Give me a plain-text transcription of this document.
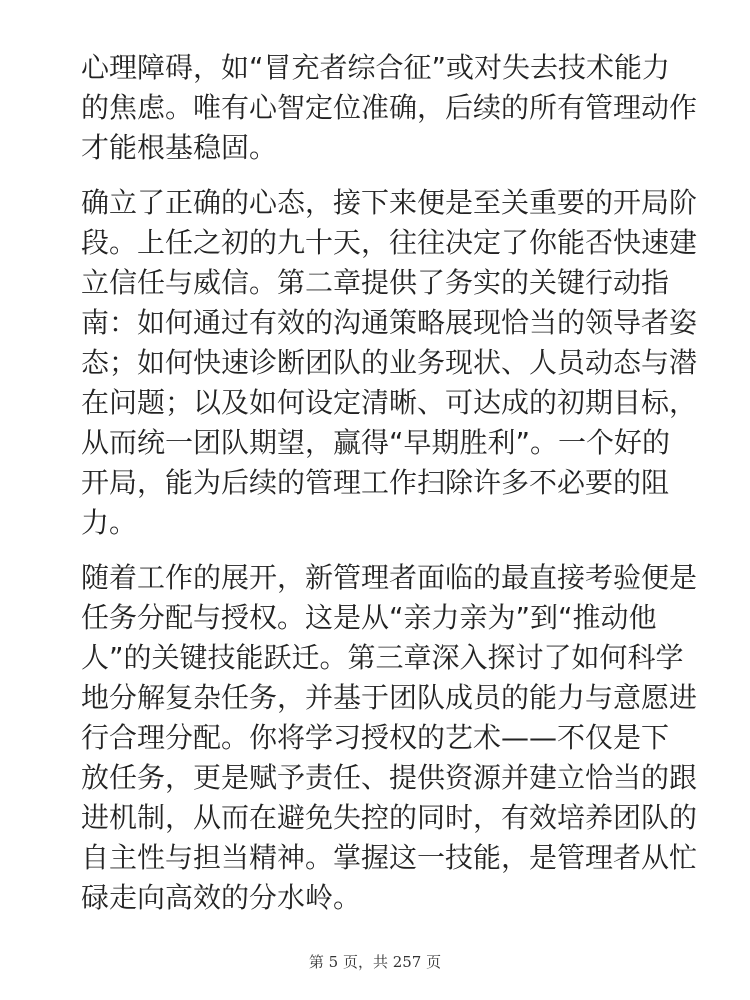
心理障碍，如“冒充者综合征”或对失去技术能力
的焦虑。唯有心智定位准确，后续的所有管理动作
才能根基稳固。

确立了正确的心态，接下来便是至关重要的开局阶
段。上任之初的九十天，往往决定了你能否快速建
立信任与威信。第二章提供了务实的关键行动指
南：如何通过有效的沟通策略展现恰当的领导者姿
态；如何快速诊断团队的业务现状、人员动态与潜
在问题；以及如何设定清晰、可达成的初期目标，
从而统一团队期望，赢得“早期胜利”。一个好的
开局，能为后续的管理工作扫除许多不必要的阻
力。

随着工作的展开，新管理者面临的最直接考验便是
任务分配与授权。这是从“亲力亲为”到“推动他
人”的关键技能跃迁。第三章深入探讨了如何科学
地分解复杂任务，并基于团队成员的能力与意愿进
行合理分配。你将学习授权的艺术——不仅是下
放任务，更是赋予责任、提供资源并建立恰当的跟
进机制，从而在避免失控的同时，有效培养团队的
自主性与担当精神。掌握这一技能，是管理者从忙
碌走向高效的分水岭。

第 5 页，共 257 页
